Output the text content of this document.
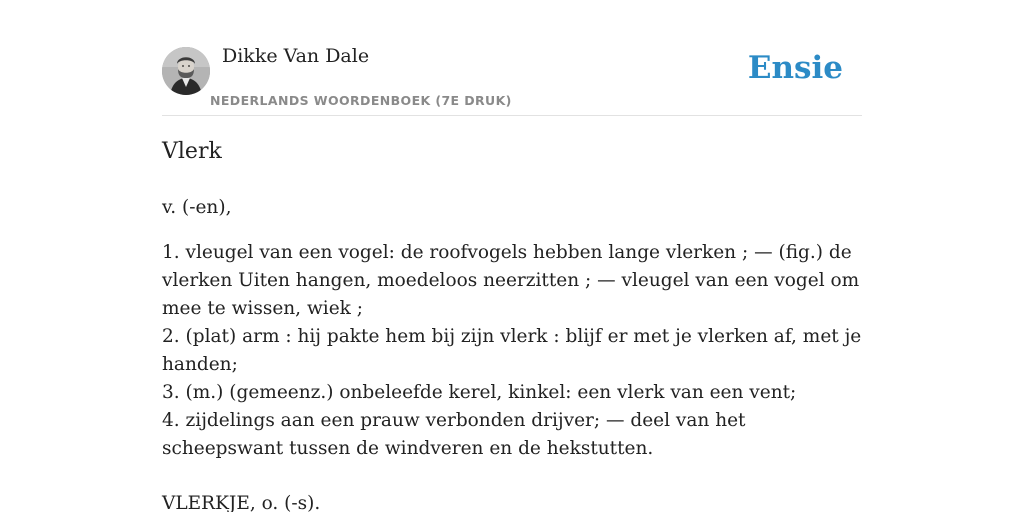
Dikke Van Dale
NEDERLANDS WOORDENBOEK (7E DRUK)
Ensie
Vlerk
v. (-en),
1. vleugel van een vogel: de roofvogels hebben lange vlerken ; — (fig.) de vlerken Uiten hangen, moedeloos neerzitten ; — vleugel van een vogel om mee te wissen, wiek ;
2. (plat) arm : hij pakte hem bij zijn vlerk : blijf er met je vlerken af, met je handen;
3. (m.) (gemeenz.) onbeleefde kerel, kinkel: een vlerk van een vent;
4. zijdelings aan een prauw verbonden drijver; — deel van het scheepswant tussen de windveren en de hekstutten.
VLERKJE, o. (-s).
